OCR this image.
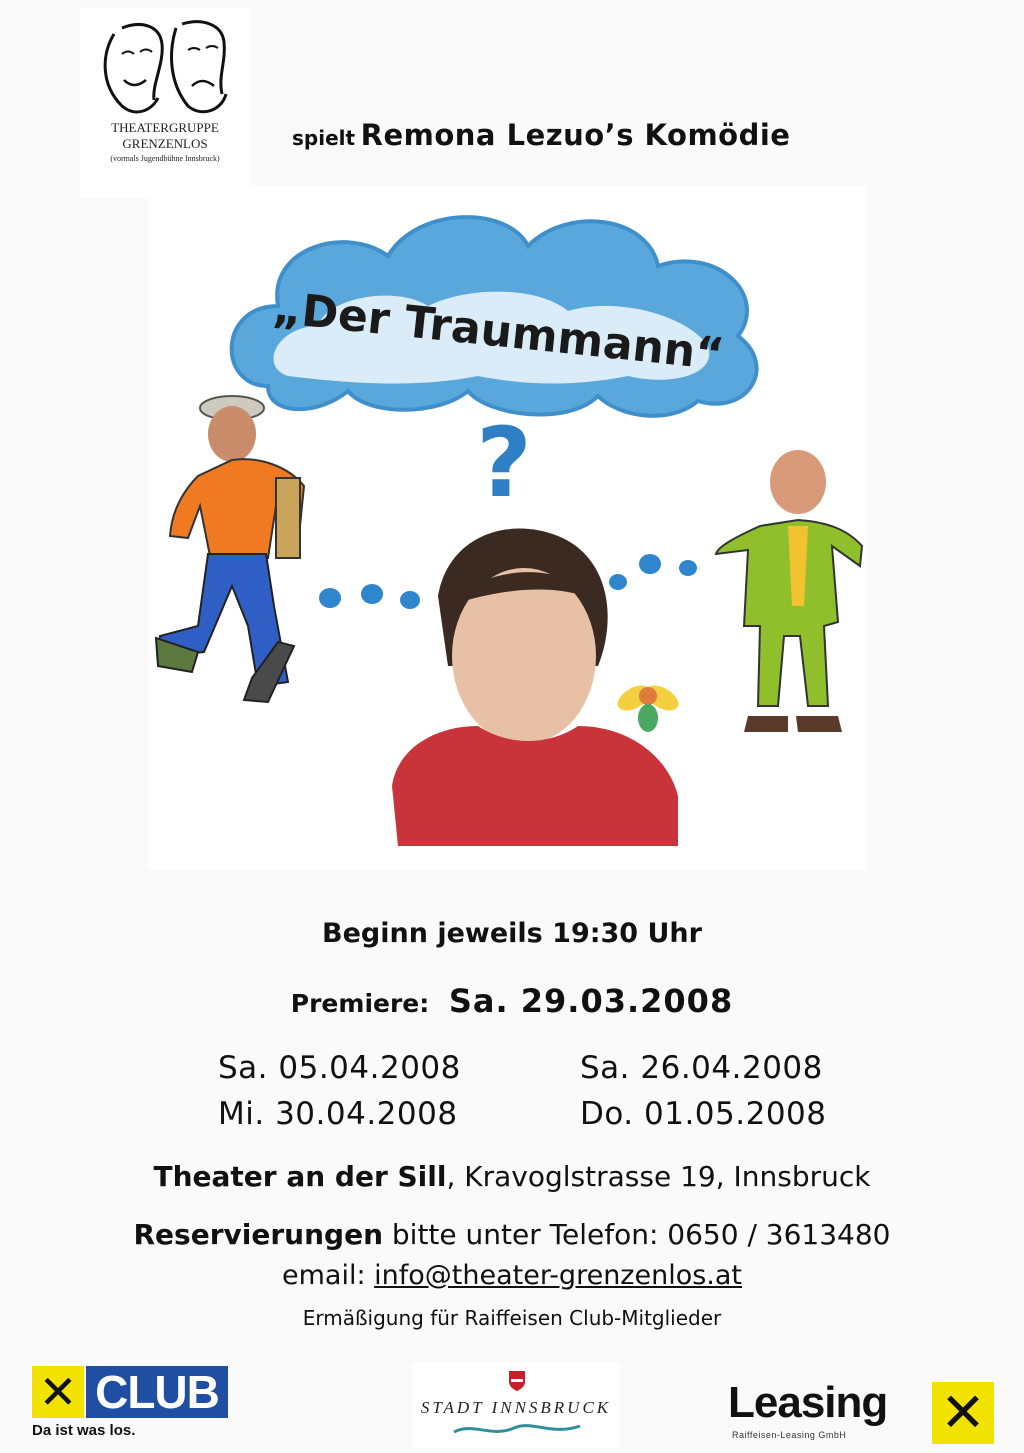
THEATERGRUPPE
GRENZENLOS
(vormals Jugendbühne Innsbruck)
spielt Remona Lezuo’s Komödie
„Der Traummann“
?
Beginn jeweils 19:30 Uhr
Premiere: Sa. 29.03.2008
Sa. 05.04.2008	Sa. 26.04.2008
Mi. 30.04.2008	Do. 01.05.2008
Theater an der Sill, Kravoglstrasse 19, Innsbruck
Reservierungen bitte unter Telefon: 0650 / 3613480
email: info@theater-grenzenlos.at
Ermäßigung für Raiffeisen Club-Mitglieder
✕ CLUB
Da ist was los.
STADT INNSBRUCK	Leasing
Raiffeisen-Leasing GmbH ✕
